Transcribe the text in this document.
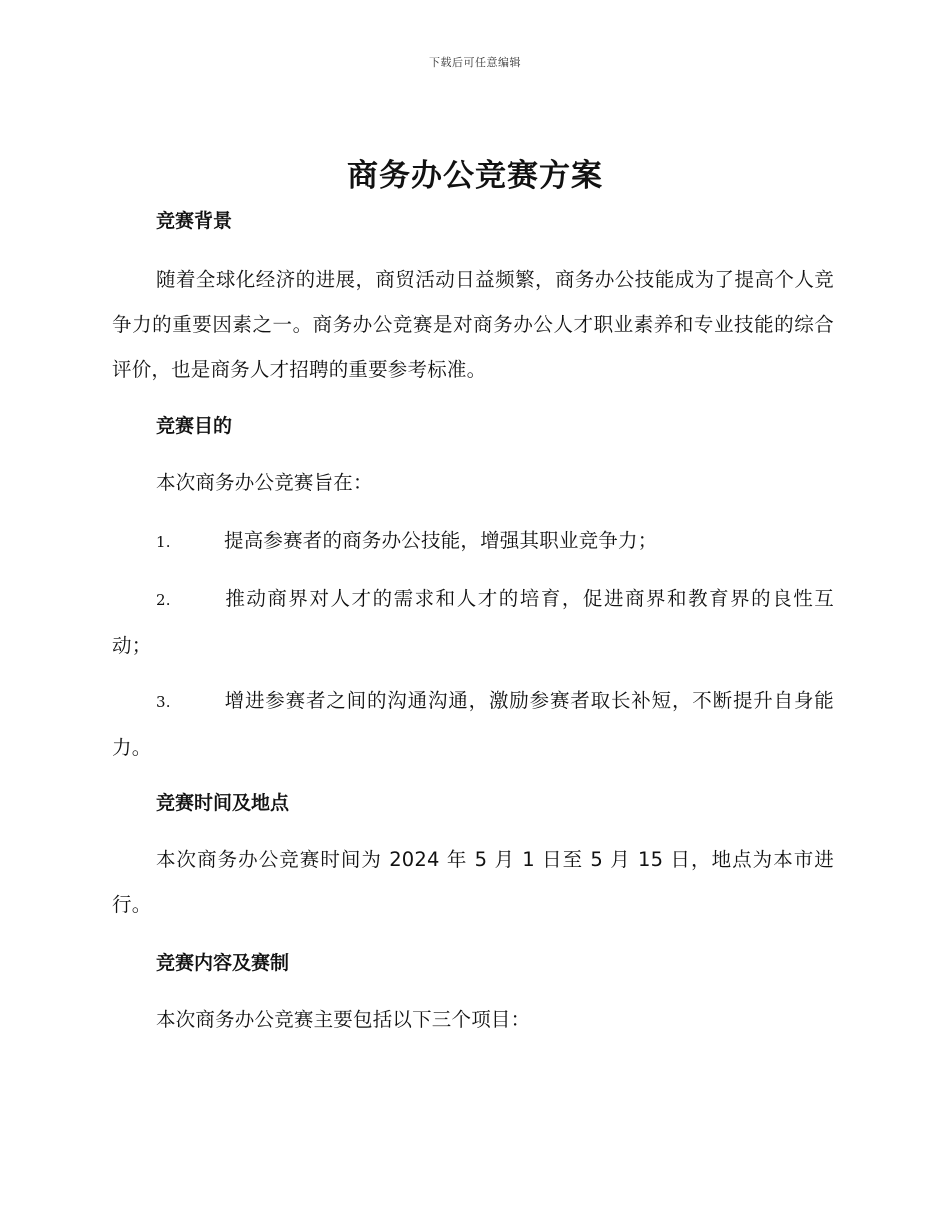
下载后可任意编辑
商务办公竞赛方案
竞赛背景

随着全球化经济的进展，商贸活动日益频繁，商务办公技能成为了提高个人竞争力的重要因素之一。商务办公竞赛是对商务办公人才职业素养和专业技能的综合评价，也是商务人才招聘的重要参考标准。

竞赛目的

本次商务办公竞赛旨在：

1.	提高参赛者的商务办公技能，增强其职业竞争力；

2.	推动商界对人才的需求和人才的培育，促进商界和教育界的良性互动；

3.	增进参赛者之间的沟通沟通，激励参赛者取长补短，不断提升自身能力。

竞赛时间及地点

本次商务办公竞赛时间为 2024 年 5 月 1 日至 5 月 15 日，地点为本市进行。

竞赛内容及赛制

本次商务办公竞赛主要包括以下三个项目：
